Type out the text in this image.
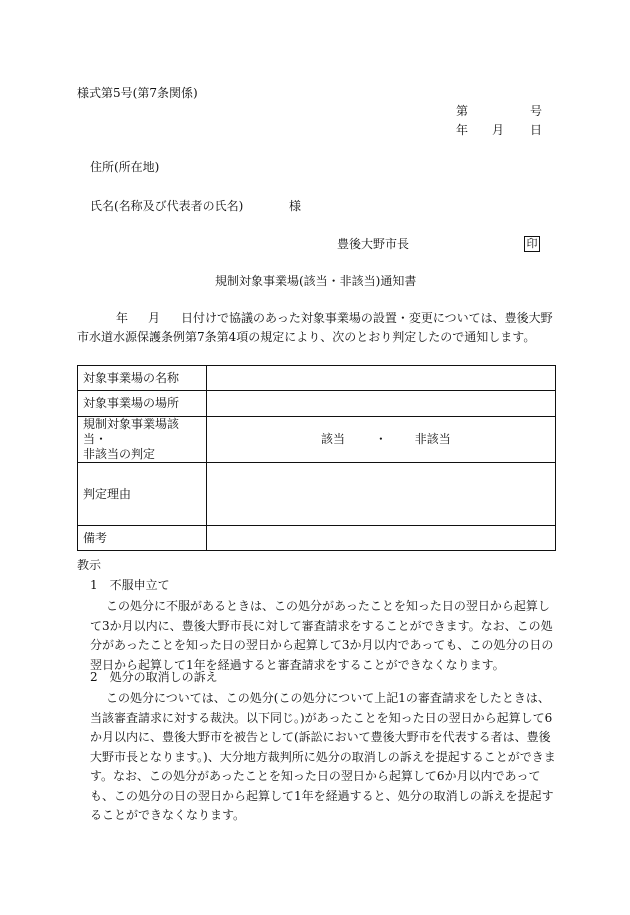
様式第5号(第7条関係)
第	号
年 月 日
住所(所在地)
氏名(名称及び代表者の氏名)	様
豊後大野市長	印
規制対象事業場(該当・非該当)通知書
年 月 日付けで協議のあった対象事業場の設置・変更については、豊後大野
市水道水源保護条例第7条第4項の規定により、次のとおり判定したので通知します。
対象事業場の名称	
対象事業場の場所	

規制対象事業場該当・
非該当の判定	該当 ・ 非該当
判定理由	
備考	
教示
1　不服申立て
この処分に不服があるときは、この処分があったことを知った日の翌日から起算して3か月以内に、豊後大野市長に対して審査請求をすることができます。なお、この処分があったことを知った日の翌日から起算して3か月以内であっても、この処分の日の翌日から起算して1年を経過すると審査請求をすることができなくなります。
2　処分の取消しの訴え
この処分については、この処分(この処分について上記1の審査請求をしたときは、当該審査請求に対する裁決。以下同じ。)があったことを知った日の翌日から起算して6か月以内に、豊後大野市を被告として(訴訟において豊後大野市を代表する者は、豊後大野市長となります。)、大分地方裁判所に処分の取消しの訴えを提起することができます。なお、この処分があったことを知った日の翌日から起算して6か月以内であっても、この処分の日の翌日から起算して1年を経過すると、処分の取消しの訴えを提起することができなくなります。
